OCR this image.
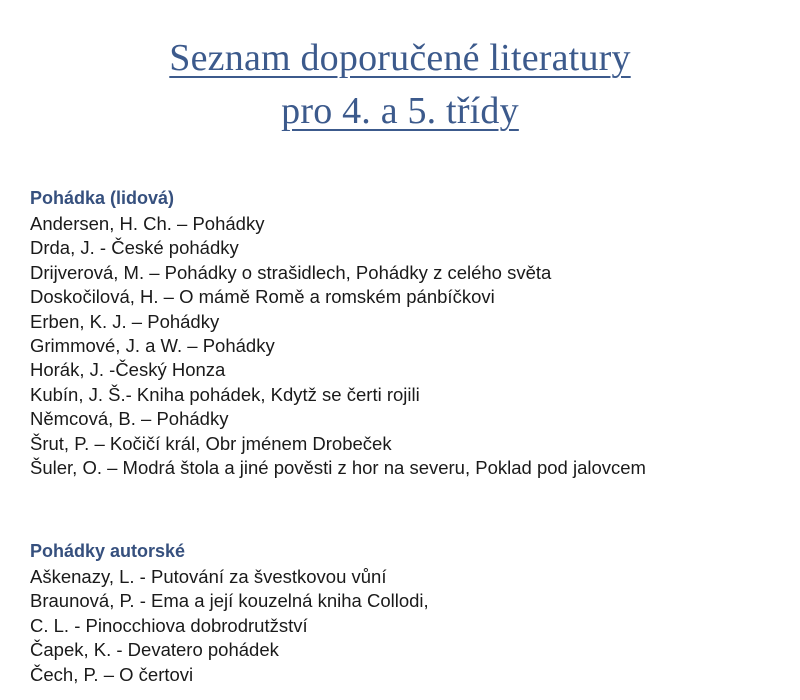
Seznam doporučené literatury
pro 4. a 5. třídy
Pohádka (lidová)
Andersen, H. Ch. – Pohádky
Drda, J. - České pohádky
Drijverová, M. – Pohádky o strašidlech, Pohádky z celého světa
Doskočilová, H. – O mámě Romě a romském pánbíčkovi
Erben, K. J. – Pohádky
Grimmové, J. a W. – Pohádky
Horák, J. -Český Honza
Kubín, J. Š.- Kniha pohádek, Kdytž se čerti rojili
Němcová, B. – Pohádky
Šrut, P. – Kočičí král, Obr jménem Drobeček
Šuler, O. – Modrá štola a jiné pověsti z hor na severu, Poklad pod jalovcem
Pohádky autorské
Aškenazy, L. - Putování za švestkovou vůní
Braunová, P. - Ema a její kouzelná kniha Collodi,
C. L. - Pinocchiova dobrodrutžství
Čapek, K. - Devatero pohádek
Čech, P. – O čertovi
